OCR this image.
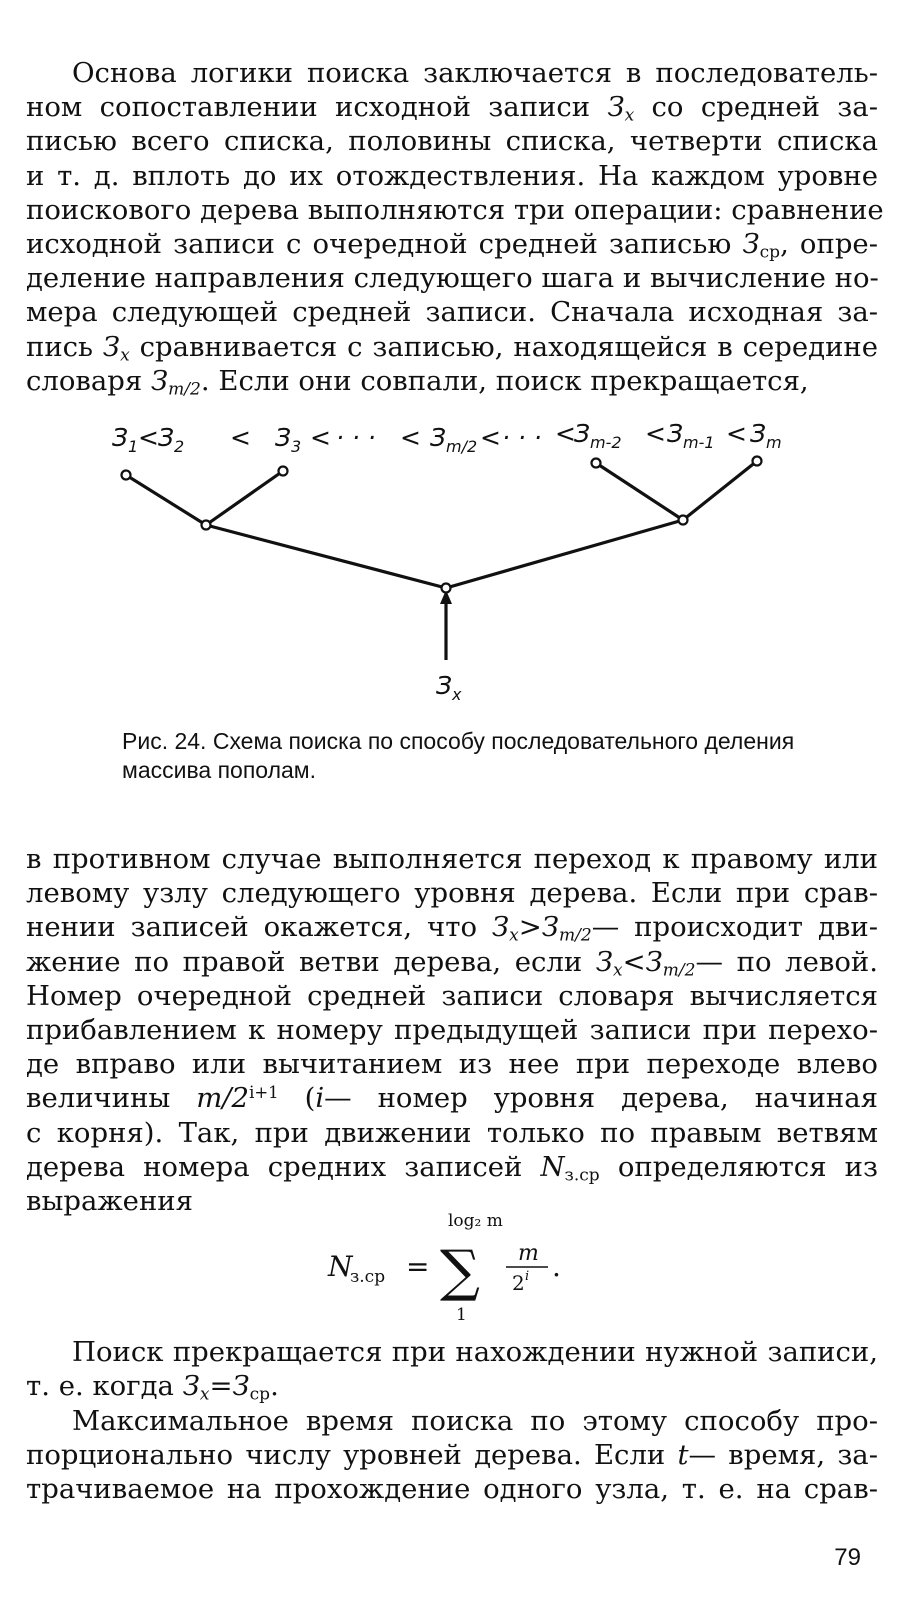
Основа логики поиска заключается в последователь-
ном сопоставлении исходной записи $З_x$ со средней за-
писью всего списка, половины списка, четверти списка
и т. д. вплоть до их отождествления. На каждом уровне
поискового дерева выполняются три операции: сравнение
исходной записи с очередной средней записью $З_{ср}$, опре-
деление направления следующего шага и вычисление но-
мера следующей средней записи. Сначала исходная за-
пись $З_x$ сравнивается с записью, находящейся в середине
словаря $З_{m/2}$. Если они совпали, поиск прекращается,
$З_1 < З_2 < З_3$ < · · · < $З_{m/2}$ < · · · <
$З_{m-2} < З_{m-1} < З_m$
$З_x$

Рис. 24. Схема поиска по способу последовательного деления массива пополам.

в противном случае выполняется переход к правому или
левому узлу следующего уровня дерева. Если при срав-
нении записей окажется, что $З_x>З_{m/2}—$ происходит дви-
жение по правой ветви дерева, если $З_x<З_{m/2}—$ по левой.
Номер очередной средней записи словаря вычисляется
прибавлением к номеру предыдущей записи при перехо-
де вправо или вычитанием из нее при переходе влево
величины $m/2^{i+1}$ (i— номер уровня дерева, начиная
с корня). Так, при движении только по правым ветвям
дерева номера средних записей $N_{з.ср}$ определяются из
выражения
N
з.ср =
log₂ m
∑
1
m
2 i .
Поиск прекращается при нахождении нужной записи,
т. е. когда $З_x=З_{ср}$.
Максимальное время поиска по этому способу про-
порционально числу уровней дерева. Если t— время, за-
трачиваемое на прохождение одного узла, т. е. на срав-
79
